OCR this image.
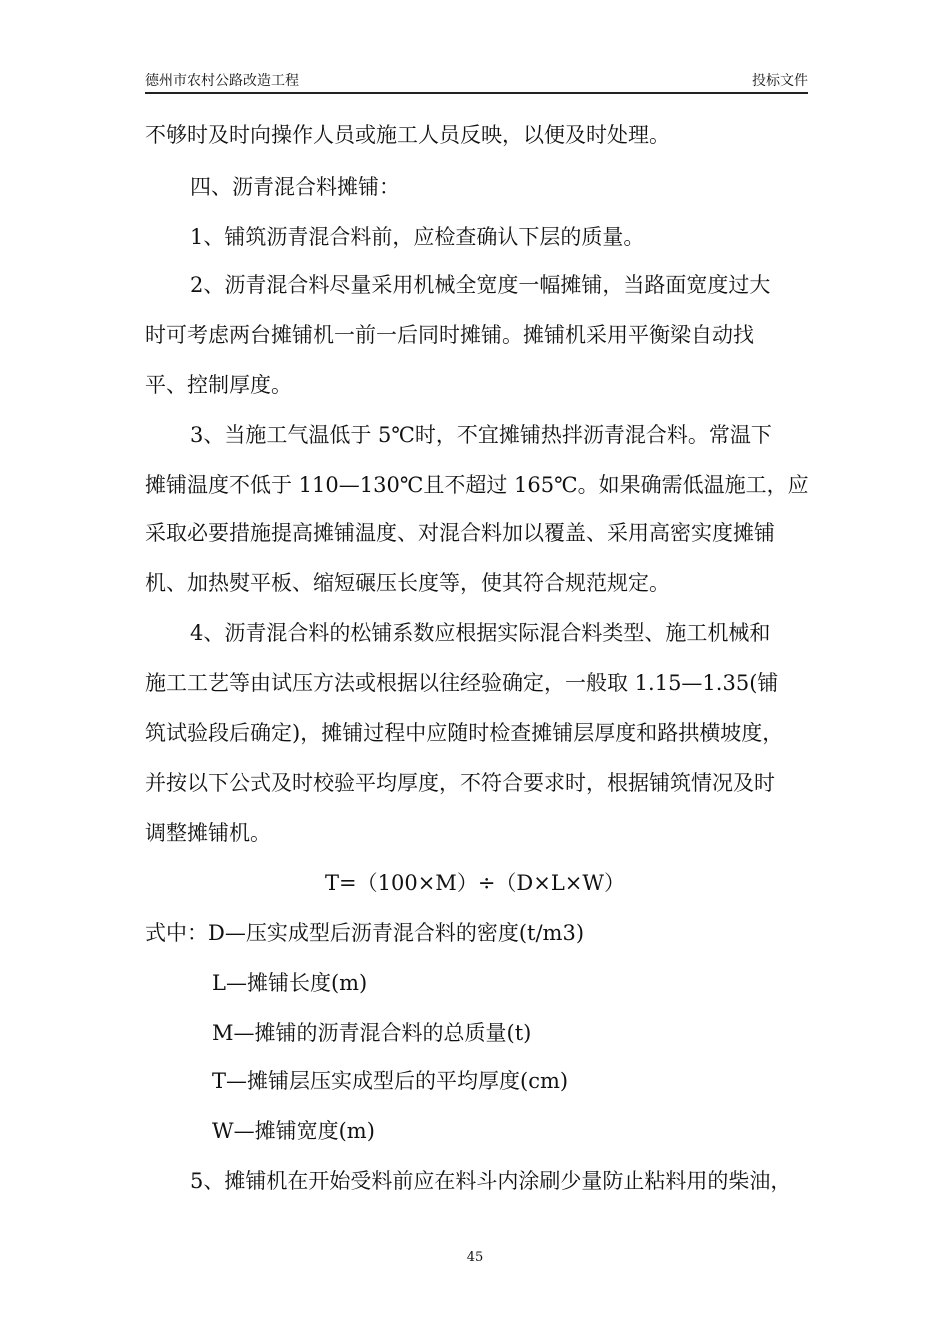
德州市农村公路改造工程	投标文件
不够时及时向操作人员或施工人员反映，以便及时处理。
四、沥青混合料摊铺：
1、铺筑沥青混合料前，应检查确认下层的质量。
2、沥青混合料尽量采用机械全宽度一幅摊铺，当路面宽度过大
时可考虑两台摊铺机一前一后同时摊铺。摊铺机采用平衡梁自动找
平、控制厚度。
3、当施工气温低于 5℃时，不宜摊铺热拌沥青混合料。常温下
摊铺温度不低于 110—130℃且不超过 165℃。如果确需低温施工，应
采取必要措施提高摊铺温度、对混合料加以覆盖、采用高密实度摊铺
机、加热熨平板、缩短碾压长度等，使其符合规范规定。
4、沥青混合料的松铺系数应根据实际混合料类型、施工机械和
施工工艺等由试压方法或根据以往经验确定，一般取 1.15—1.35(铺
筑试验段后确定)，摊铺过程中应随时检查摊铺层厚度和路拱横坡度，
并按以下公式及时校验平均厚度，不符合要求时，根据铺筑情况及时
调整摊铺机。
T=（100×M）÷（D×L×W）
式中：D—压实成型后沥青混合料的密度(t/m3)
L—摊铺长度(m)
M—摊铺的沥青混合料的总质量(t)
T—摊铺层压实成型后的平均厚度(cm)
W—摊铺宽度(m)
5、摊铺机在开始受料前应在料斗内涂刷少量防止粘料用的柴油，
45
